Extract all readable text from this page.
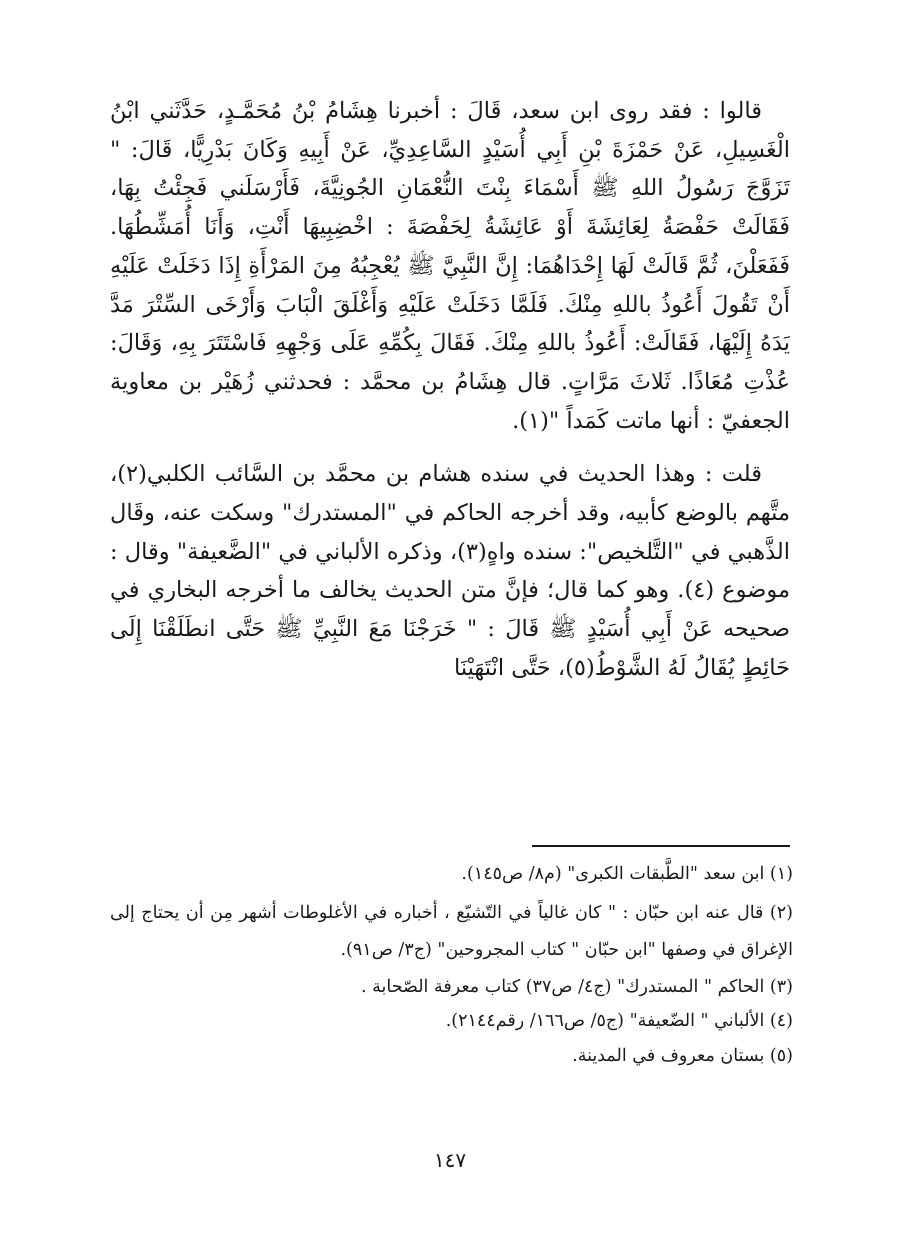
قالوا : فقد روى ابن سعد، قَالَ : أخبرنا هِشَامُ بْنُ مُحَمَّـدٍ، حَدَّثَني ابْنُ الْغَسِيلِ، عَنْ حَمْزَةَ بْنِ أَبِي أُسَيْدٍ السَّاعِدِيِّ، عَنْ أَبِيهِ وَكَانَ بَدْرِيًّا، قَالَ: " تَزَوَّجَ رَسُولُ اللهِ ﷺ أَسْمَاءَ بِنْتَ النُّعْمَانِ الجُونِيَّةَ، فَأَرْسَلَني فَجِئْتُ بِهَا، فَقَالَتْ حَفْصَةُ لِعَائِشَةَ أَوْ عَائِشَةُ لِحَفْصَةَ : اخْضِبِيهَا أَنْتِ، وَأَنَا أُمَشِّطُهَا. فَفَعَلْنَ، ثُمَّ قَالَتْ لَهَا إِحْدَاهُمَا: إِنَّ النَّبِيَّ ﷺ يُعْجِبُهُ مِنَ المَرْأَةِ إِذَا دَخَلَتْ عَلَيْهِ أَنْ تَقُولَ أَعُوذُ باللهِ مِنْكَ. فَلَمَّا دَخَلَتْ عَلَيْهِ وَأَغْلَقَ الْبَابَ وَأَرْخَى السِّتْرَ مَدَّ يَدَهُ إِلَيْهَا، فَقَالَتْ: أَعُوذُ باللهِ مِنْكَ. فَقَالَ بِكُمِّهِ عَلَى وَجْهِهِ فَاسْتَتَرَ بِهِ، وَقَالَ: عُذْتِ مُعَاذًا. ثَلاثَ مَرَّاتٍ. قال هِشَامُ بن محمَّد : فحدثني زُهَيْر بن معاوية الجعفيّ : أنها ماتت كَمَداً "(١).

قلت : وهذا الحديث في سنده هشام بن محمَّد بن السَّائب الكلبي(٢)، متَّهم بالوضع كأبيه، وقد أخرجه الحاكم في "المستدرك" وسكت عنه، وقَال الذَّهبي في "التَّلخيص": سنده واهٍ(٣)، وذكره الألباني في "الضَّعيفة" وقال : موضوع (٤). وهو كما قال؛ فإنَّ متن الحديث يخالف ما أخرجه البخاري في صحيحه عَنْ أَبِي أُسَيْدٍ ﷺ قَالَ : " خَرَجْنَا مَعَ النَّبِيِّ ﷺ حَتَّى انطَلَقْنَا إِلَى حَائِطٍ يُقَالُ لَهُ الشَّوْطُ(٥)، حَتَّى انْتَهَيْنَا

(١) ابن سعد "الطَّبقات الكبرى" (م٨/ ص١٤٥).

(٢) قال عنه ابن حبّان : " كان غالياً في التّشيّع ، أخباره في الأغلوطات أشهر مِن أن يحتاج إلى الإغراق في وصفها "ابن حبّان " كتاب المجروحين" (ج٣/ ص٩١).

(٣) الحاكم " المستدرك" (ج٤/ ص٣٧) كتاب معرفة الصّحابة .

(٤) الألباني " الضّعيفة" (ج٥/ ص١٦٦/ رقم٢١٤٤).

(٥) بستان معروف في المدينة.

١٤٧
